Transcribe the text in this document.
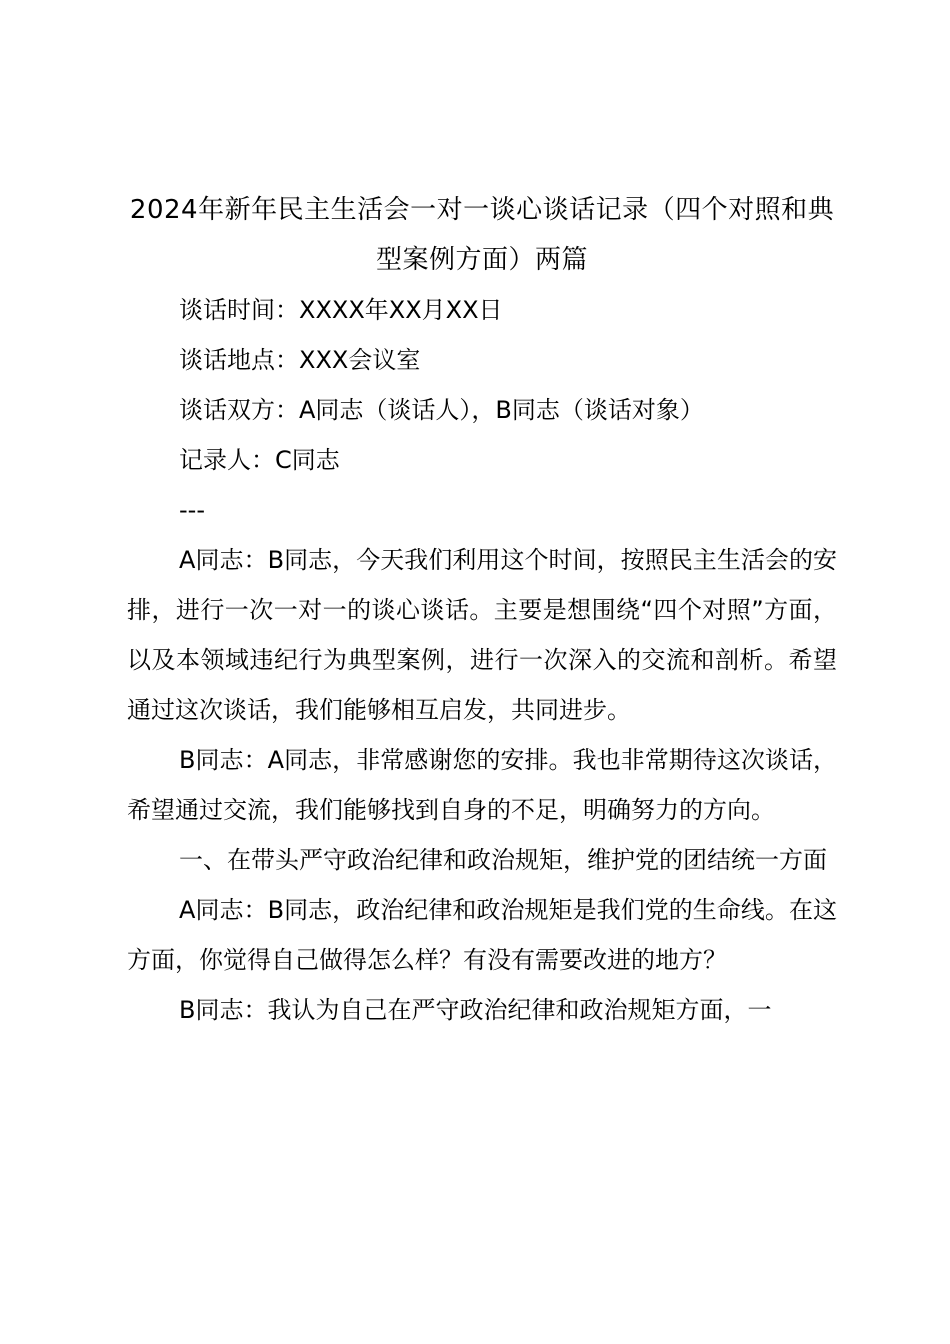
2024年新年民主生活会一对一谈心谈话记录（四个对照和典型案例方面）两篇

谈话时间：XXXX年XX月XX日

谈话地点：XXX会议室

谈话双方：A同志（谈话人），B同志（谈话对象）

记录人：C同志

---

A同志：B同志，今天我们利用这个时间，按照民主生活会的安排，进行一次一对一的谈心谈话。主要是想围绕“四个对照”方面，以及本领域违纪行为典型案例，进行一次深入的交流和剖析。希望通过这次谈话，我们能够相互启发，共同进步。

B同志：A同志，非常感谢您的安排。我也非常期待这次谈话，希望通过交流，我们能够找到自身的不足，明确努力的方向。

一、在带头严守政治纪律和政治规矩，维护党的团结统一方面

A同志：B同志，政治纪律和政治规矩是我们党的生命线。在这方面，你觉得自己做得怎么样？有没有需要改进的地方？

B同志：我认为自己在严守政治纪律和政治规矩方面，一
